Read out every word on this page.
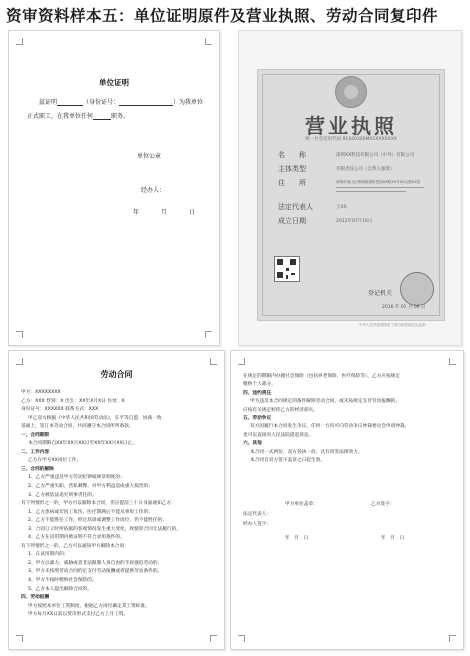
资审资料样本五：单位证明原件及营业执照、劳动合同复印件
单位证明
兹证明	（身份证号：	）为我单位
正式职工，在我单位任何	职务。
单位公章
经办人：
年	月	日
营业执照
统一社会信用代码 91440300MA5XXXXXXX
名　　称	深圳XX科技有限公司（中外）有限公司
主体类型	有限责任公司（自然人独资）
住　　所	深圳市南山区粤海街道科技园XX路XX号XX大厦XX层
法定代表人	王XX
成立日期	2012年07月16日
登记机关
2016 年 01 月 06 日
中华人民共和国国家工商行政管理总局监制
劳动合同
甲方：XXXXXXXX
乙方：XXX 性别：X 出生：XX年X月X日 住址：X
身份证号：XXXXXX 联系方式：XXX
甲乙双方根据《中华人民共和国劳动法》，在平等自愿、协商一致
基础上，签订本劳动合同，共同遵守本合同所列条款。
一、合同期限
本合同期限自XX年XX月XX日至XX年XX月XX日止。
二、工作内容
乙方在甲方XX岗位工作。
三、合同的解除
1、乙方严重违反甲方劳动纪律或规章制度的；
2、乙方严重失职，营私舞弊，对甲方利益造成重大损害的；
3、乙方被依法追究刑事责任的。
有下列情形之一的，甲方可以解除本合同，但应提前三十日书面通知乙方：
1、乙方患病或非因工负伤，医疗期满后不能从事原工作的；
2、乙方不能胜任工作，经过培训或调整工作岗位，仍不能胜任的；
3、合同订立时所依据的客观情况发生重大变化，致使原合同无法履行的。
4、乙方在试用期内被证明不符合录用条件的。
有下列情形之一的，乙方可以通知甲方解除本合同：
1、在试用期内的；
2、甲方以暴力、威胁或者非法限制人身自由的手段强迫劳动的；
3、甲方未按照劳动合同约定支付劳动报酬或者提供劳动条件的。
4、甲方不按时缴纳社会保险的。
5、乙方本人提出解除合同的。
四、劳动报酬
甲方按照本单位工资制度，根据乙方岗位确定其工资标准。
甲方每月XX日前以货币形式支付乙方上月工资。
在规定的期限内办理社会保险（包括养老保险、医疗保险等），乙方应按规定
缴纳个人部分。
四、违约责任
甲方违反本合同规定的条件解除劳动合同，或未按规定支付劳动报酬的，
应按有关规定赔偿乙方的经济损失。
五、劳动争议
双方因履行本合同发生争议，任何一方均可向劳动争议仲裁委员会申请仲裁，
也可以直接向人民法院提起诉讼。
六、其他
本合同一式两份，双方各执一份，具有同等法律效力。
本合同自双方签字盖章之日起生效。
甲方单位盖章：
法定代表人：
经办人签字：
年　月　日
乙方签字：
年　月　日
